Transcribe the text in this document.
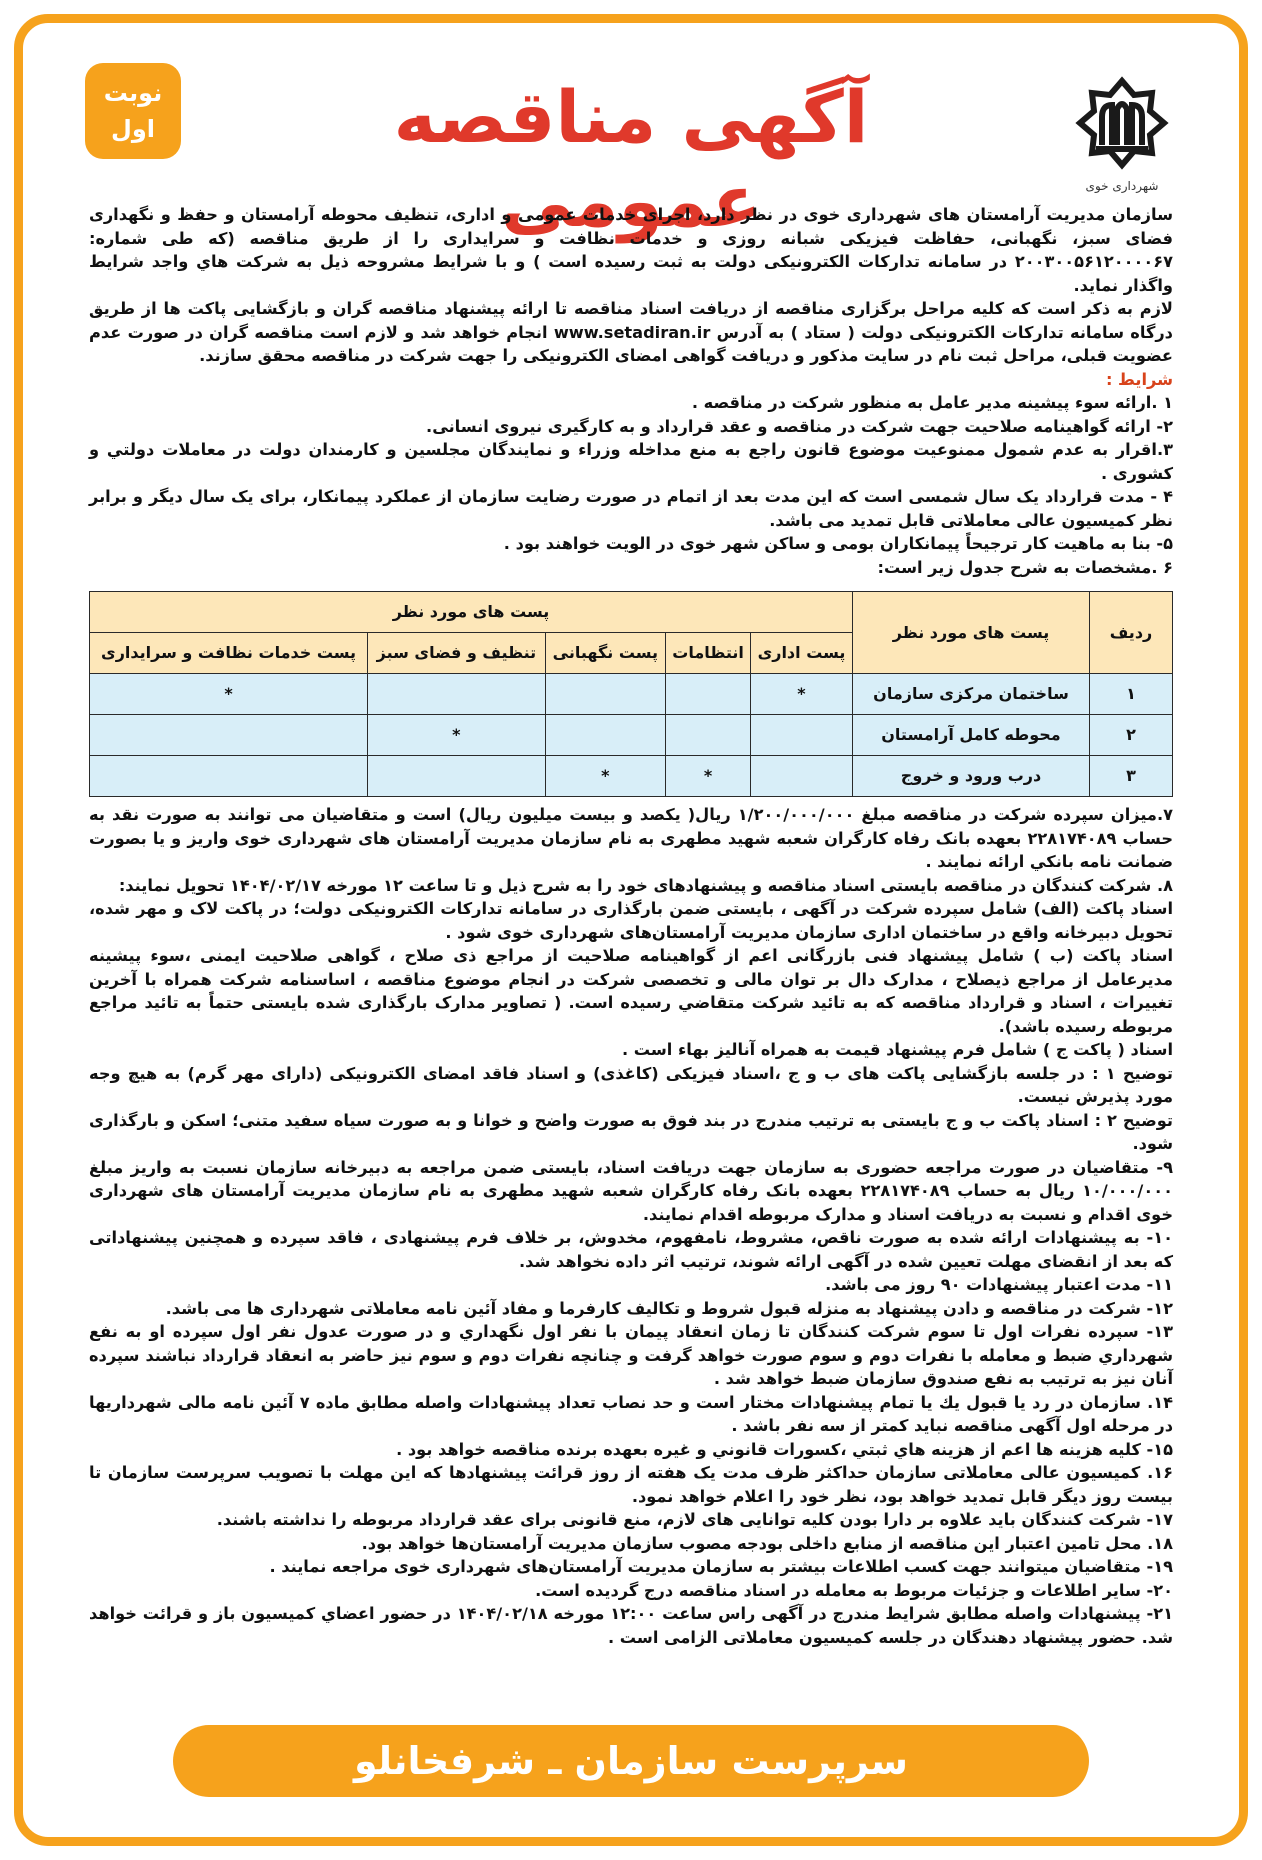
نوبت
اول	آگهی مناقصه عمومی	شهرداری خوی

سازمان مدیریت آرامستان های شهرداری خوی در نظر دارد، اجرای خدمات عمومی و اداری، تنظیف محوطه آرامستان و حفظ و نگهداری فضای سبز، نگهبانی، حفاظت فیزیکی شبانه روزی و خدمات نظافت و سرایداری را از طریق مناقصه (که طی شماره: ۲۰۰۳۰۰۵۶۱۲۰۰۰۰۶۷ در سامانه تدارکات الکترونیکی دولت به ثبت رسیده است ) و با شرایط مشروحه ذیل به شرکت هاي واجد شرايط واگذار نماید.

لازم به ذکر است که کلیه مراحل برگزاری مناقصه از دریافت اسناد مناقصه تا ارائه پیشنهاد مناقصه گران و بازگشایی پاکت ها از طریق درگاه سامانه تدارکات الکترونیکی دولت ( ستاد ) به آدرس www.setadiran.ir انجام خواهد شد و لازم است مناقصه گران در صورت عدم عضویت قبلی، مراحل ثبت نام در سایت مذکور و دریافت گواهی امضای الکترونیکی را جهت شرکت در مناقصه محقق سازند.

شرایط :

۱ .ارائه سوء پیشینه مدیر عامل به منظور شرکت در مناقصه .

۲- ارائه گواهینامه صلاحیت جهت شرکت در مناقصه و عقد قرارداد و به کارگیری نیروی انسانی.

۳.اقرار به عدم شمول ممنوعیت موضوع قانون راجع به منع مداخله وزراء و نمایندگان مجلسین و کارمندان دولت در معاملات دولتي و کشوری .

۴ - مدت قرارداد یک سال شمسی است که این مدت بعد از اتمام در صورت رضایت سازمان از عملکرد پیمانکار، برای یک سال دیگر و برابر نظر کمیسیون عالی معاملاتی قابل تمدید می باشد.

۵- بنا به ماهیت کار ترجیحاً پیمانکاران بومی و ساکن شهر خوی در الویت خواهند بود .

۶ .مشخصات به شرح جدول زیر است:

ردیف	پست های مورد نظر	پست های مورد نظر				
		پست اداری	انتظامات	پست نگهبانی	تنظیف و فضای سبز	پست خدمات نظافت و سرایداری
۱	ساختمان مرکزی سازمان	*				*
۲	محوطه کامل آرامستان				*	
۳	درب ورود و خروج		*	*		

۷.میزان سپرده شرکت در مناقصه مبلغ ۱/۲۰۰/۰۰۰/۰۰۰ ریال( یکصد و بیست میلیون ریال) است و متقاضیان می توانند به صورت نقد به حساب ۲۲۸۱۷۴۰۸۹ بعهده بانک رفاه کارگران شعبه شهید مطهری به نام سازمان مدیریت آرامستان های شهرداری خوی واریز و یا بصورت ضمانت نامه بانکي ارائه نمایند .

۸. شرکت کنندگان در مناقصه بایستی اسناد مناقصه و پیشنهادهای خود را به شرح ذیل و تا ساعت ۱۲ مورخه ۱۴۰۴/۰۲/۱۷ تحویل نمایند:

اسناد پاکت (الف) شامل سپرده شرکت در آگهی ، بایستی ضمن بارگذاری در سامانه تدارکات الکترونیکی دولت؛ در پاکت لاک و مهر شده، تحویل دبیرخانه واقع در ساختمان اداری سازمان مدیریت آرامستان‌های شهرداری خوی شود .

اسناد پاکت (ب ) شامل پیشنهاد فنی بازرگانی اعم از گواهینامه صلاحیت از مراجع ذی صلاح ، گواهی صلاحیت ایمنی ،سوء پیشینه مدیرعامل از مراجع ذیصلاح ، مدارک دال بر توان مالی و تخصصی شرکت در انجام موضوع مناقصه ، اساسنامه شرکت همراه با آخرین تغییرات ، اسناد و قرارداد مناقصه که به تائید شرکت متقاضي رسیده است. ( تصاویر مدارک بارگذاری شده بایستی حتماً به تائید مراجع مربوطه رسیده باشد).

اسناد ( پاکت ج ) شامل فرم پیشنهاد قیمت به همراه آنالیز بهاء است .

توضیح ۱ : در جلسه بازگشایی پاکت های ب و ج ،اسناد فیزیکی (کاغذی) و اسناد فاقد امضای الکترونیکی (دارای مهر گرم) به هیچ وجه مورد پذیرش نیست.

توضیح ۲ : اسناد پاکت ب و ج بایستی به ترتیب مندرج در بند فوق به صورت واضح و خوانا و به صورت سیاه سفید متنی؛ اسکن و بارگذاری شود.

۹- متقاضیان در صورت مراجعه حضوری به سازمان جهت دریافت اسناد، بایستی ضمن مراجعه به دبیرخانه سازمان نسبت به واریز مبلغ ۱۰/۰۰۰/۰۰۰ ریال به حساب ۲۲۸۱۷۴۰۸۹ بعهده بانک رفاه کارگران شعبه شهید مطهری به نام سازمان مدیریت آرامستان های شهرداری خوی اقدام و نسبت به دریافت اسناد و مدارک مربوطه اقدام نمایند.

۱۰- به پیشنهادات ارائه شده به صورت ناقص، مشروط، نامفهوم، مخدوش، بر خلاف فرم پیشنهادی ، فاقد سپرده و همچنین پیشنهاداتی که بعد از انقضای مهلت تعیین شده در آگهی ارائه شوند، ترتیب اثر داده نخواهد شد.

۱۱- مدت اعتبار پیشنهادات ۹۰ روز می باشد.

۱۲- شرکت در مناقصه و دادن پیشنهاد به منزله قبول شروط و تکالیف کارفرما و مفاد آئین نامه معاملاتی شهرداری ها می باشد.

۱۳- سپرده نفرات اول تا سوم شرکت کنندگان تا زمان انعقاد پیمان با نفر اول نگهداري و در صورت عدول نفر اول سپرده او به نفع شهرداري ضبط و معامله با نفرات دوم و سوم صورت خواهد گرفت و چنانچه نفرات دوم و سوم نیز حاضر به انعقاد قرارداد نباشند سپرده آنان نیز به ترتیب به نفع صندوق سازمان ضبط خواهد شد .

۱۴. سازمان در رد یا قبول یك یا تمام پیشنهادات مختار است و حد نصاب تعداد پیشنهادات واصله مطابق ماده ۷ آئین نامه مالی شهرداریها در مرحله اول آگهی مناقصه نباید کمتر از سه نفر باشد .

۱۵- کلیه هزینه ها اعم از هزینه هاي ثبتي ،کسورات قانوني و غیره بعهده برنده مناقصه خواهد بود .

۱۶. کمیسیون عالی معاملاتی سازمان حداکثر ظرف مدت یک هفته از روز قرائت پیشنهادها که این مهلت با تصویب سرپرست سازمان تا بیست روز دیگر قابل تمدید خواهد بود، نظر خود را اعلام خواهد نمود.

۱۷- شرکت کنندگان باید علاوه بر دارا بودن کلیه توانایی های لازم، منع قانونی برای عقد قرارداد مربوطه را نداشته باشند.

۱۸. محل تامین اعتبار این مناقصه از منابع داخلی بودجه مصوب سازمان مدیریت آرامستان‌ها خواهد بود.

۱۹- متقاضیان میتوانند جهت کسب اطلاعات بیشتر به سازمان مدیریت آرامستان‌های شهرداری خوی مراجعه نمایند .

۲۰- سایر اطلاعات و جزئیات مربوط به معامله در اسناد مناقصه درج گردیده است.

۲۱- پیشنهادات واصله مطابق شرایط مندرج در آگهی راس ساعت ۱۲:۰۰ مورخه ۱۴۰۴/۰۲/۱۸ در حضور اعضاي کمیسیون باز و قرائت خواهد شد. حضور پیشنهاد دهندگان در جلسه کمیسیون معاملاتی الزامی است .

سرپرست سازمان ـ شرفخانلو
